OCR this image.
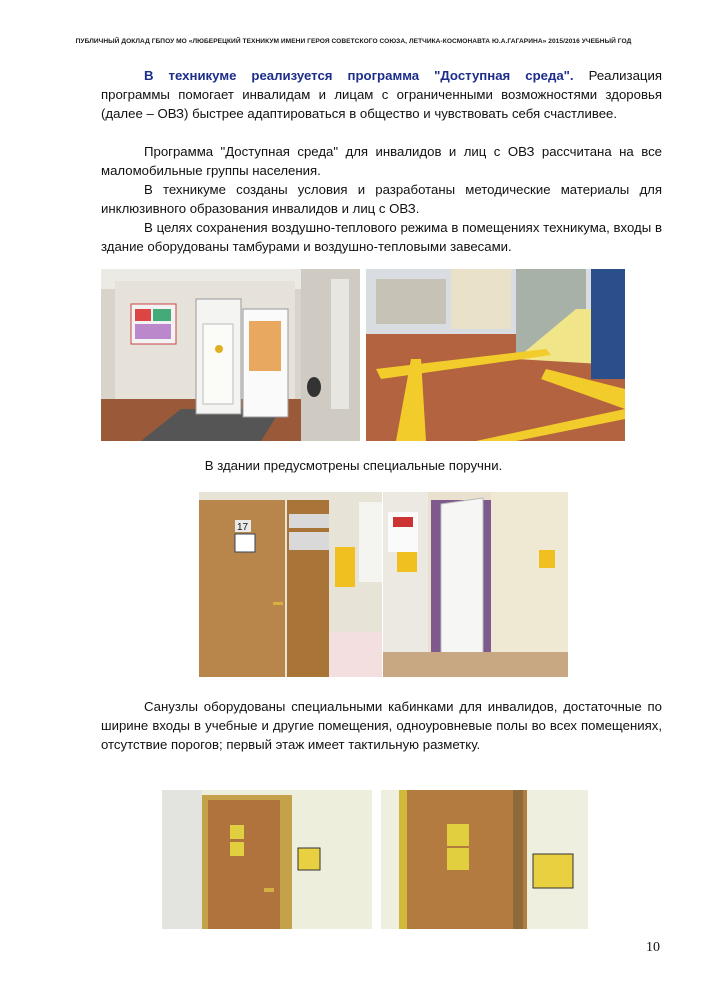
ПУБЛИЧНЫЙ ДОКЛАД ГБПОУ МО «ЛЮБЕРЕЦКИЙ ТЕХНИКУМ ИМЕНИ ГЕРОЯ СОВЕТСКОГО СОЮЗА, ЛЕТЧИКА-КОСМОНАВТА Ю.А.ГАГАРИНА» 2015/2016 УЧЕБНЫЙ ГОД

В техникуме реализуется программа "Доступная среда". Реализация программы помогает инвалидам и лицам с ограниченными возможностями здоровья (далее – ОВЗ) быстрее адаптироваться в общество и чувствовать себя счастливее.

Программа "Доступная среда" для инвалидов и лиц с ОВЗ рассчитана на все маломобильные группы населения.

В техникуме созданы условия и разработаны методические материалы для инклюзивного образования инвалидов и лиц с ОВЗ.

В целях сохранения воздушно-теплового режима в помещениях техникума, входы в здание оборудованы тамбурами и воздушно-тепловыми завесами.

В здании предусмотрены специальные поручни.
17

Санузлы оборудованы специальными кабинками для инвалидов, достаточные по ширине входы в учебные и другие помещения, одноуровневые полы во всех помещениях, отсутствие порогов; первый этаж имеет тактильную разметку.

10
